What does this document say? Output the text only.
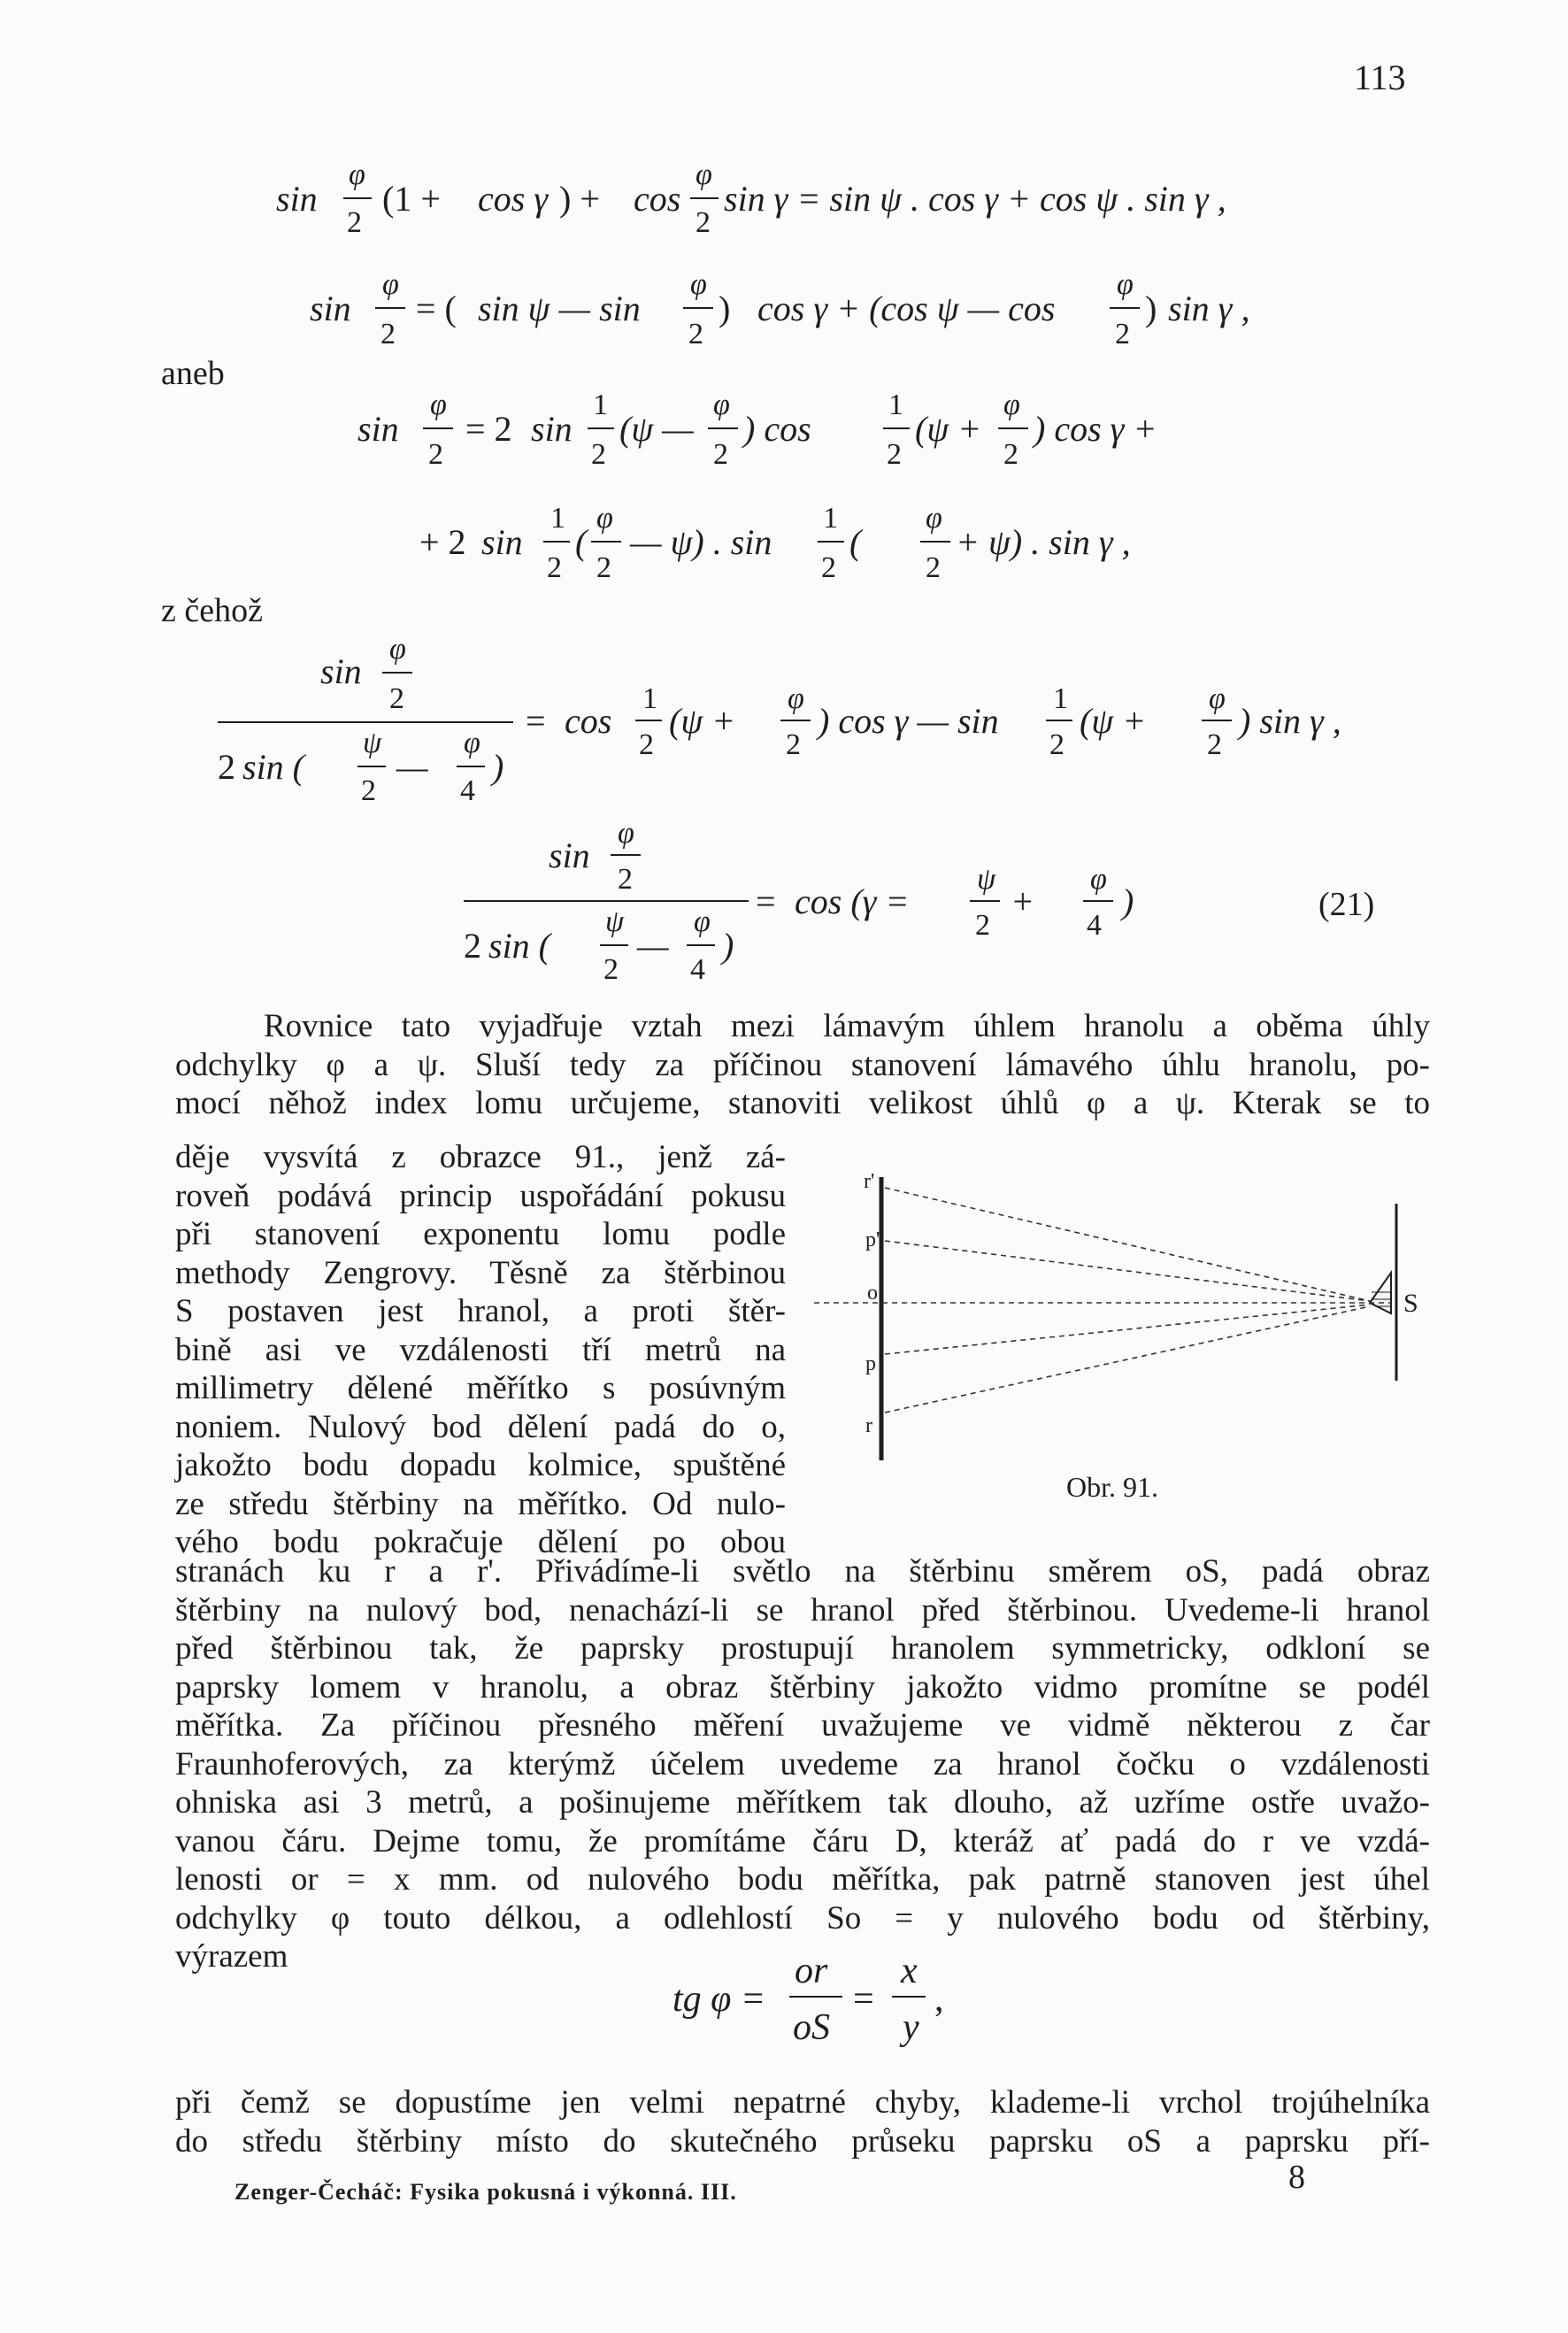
113
sin
φ
2
(1 + cos γ ) + cos
φ
2
sin γ = sin ψ . cos γ + cos ψ . sin γ ,
sin
φ
2
= ( sin ψ — sin
φ
2
) cos γ + (cos ψ — cos
φ
2
) sin γ ,
sin
φ
2
= 2 sin
1
2
(ψ —
φ
2
) cos
1
2
(ψ +
φ
2
) cos γ +
+ 2 sin
1
2
(
φ
2
— ψ) . sin
1
2
(
φ
2
+ ψ) . sin γ ,
sin
φ
2
2 sin (
ψ
2
—
φ
4
)
= cos
1
2
(ψ +
φ
2
) cos γ — sin
1
2
(ψ +
φ
2
) sin γ ,
sin
φ
2
2 sin (
ψ
2
—
φ
4
)
= cos (γ =
ψ
2
+
φ
4
)
aneb
z čehož
(21)
Rovnice tato vyjadřuje vztah mezi lámavým úhlem hranolu a oběma úhly
odchylky φ a ψ. Sluší tedy za příčinou stanovení lámavého úhlu hranolu, po-
mocí něhož index lomu určujeme, stanoviti velikost úhlů φ a ψ. Kterak se to
děje vysvítá z obrazce 91., jenž zá-
roveň podává princip uspořádání pokusu
při stanovení exponentu lomu podle
methody Zengrovy. Těsně za štěrbinou
S postaven jest hranol, a proti štěr-
bině asi ve vzdálenosti tří metrů na
millimetry dělené měřítko s posúvným
noniem. Nulový bod dělení padá do o,
jakožto bodu dopadu kolmice, spuštěné
ze středu štěrbiny na měřítko. Od nulo-
vého bodu pokračuje dělení po obou
r'
p'
o
p
r
S
Obr. 91.
stranách ku r a r'. Přivádíme-li světlo na štěrbinu směrem oS, padá obraz
štěrbiny na nulový bod, nenachází-li se hranol před štěrbinou. Uvedeme-li hranol
před štěrbinou tak, že paprsky prostupují hranolem symmetricky, odkloní se
paprsky lomem v hranolu, a obraz štěrbiny jakožto vidmo promítne se podél
měřítka. Za příčinou přesného měření uvažujeme ve vidmě některou z čar
Fraunhoferových, za kterýmž účelem uvedeme za hranol čočku o vzdálenosti
ohniska asi 3 metrů, a pošinujeme měřítkem tak dlouho, až uzříme ostře uvažo-
vanou čáru. Dejme tomu, že promítáme čáru D, kteráž ať padá do r ve vzdá-
lenosti or = x mm. od nulového bodu měřítka, pak patrně stanoven jest úhel
odchylky φ touto délkou, a odlehlostí So = y nulového bodu od štěrbiny,
výrazem
tg φ =
or
oS
=
x
y
,
při čemž se dopustíme jen velmi nepatrné chyby, klademe-li vrchol trojúhelníka
do středu štěrbiny místo do skutečného průseku paprsku oS a paprsku pří-
Zenger-Čecháč: Fysika pokusná i výkonná. III.	8
